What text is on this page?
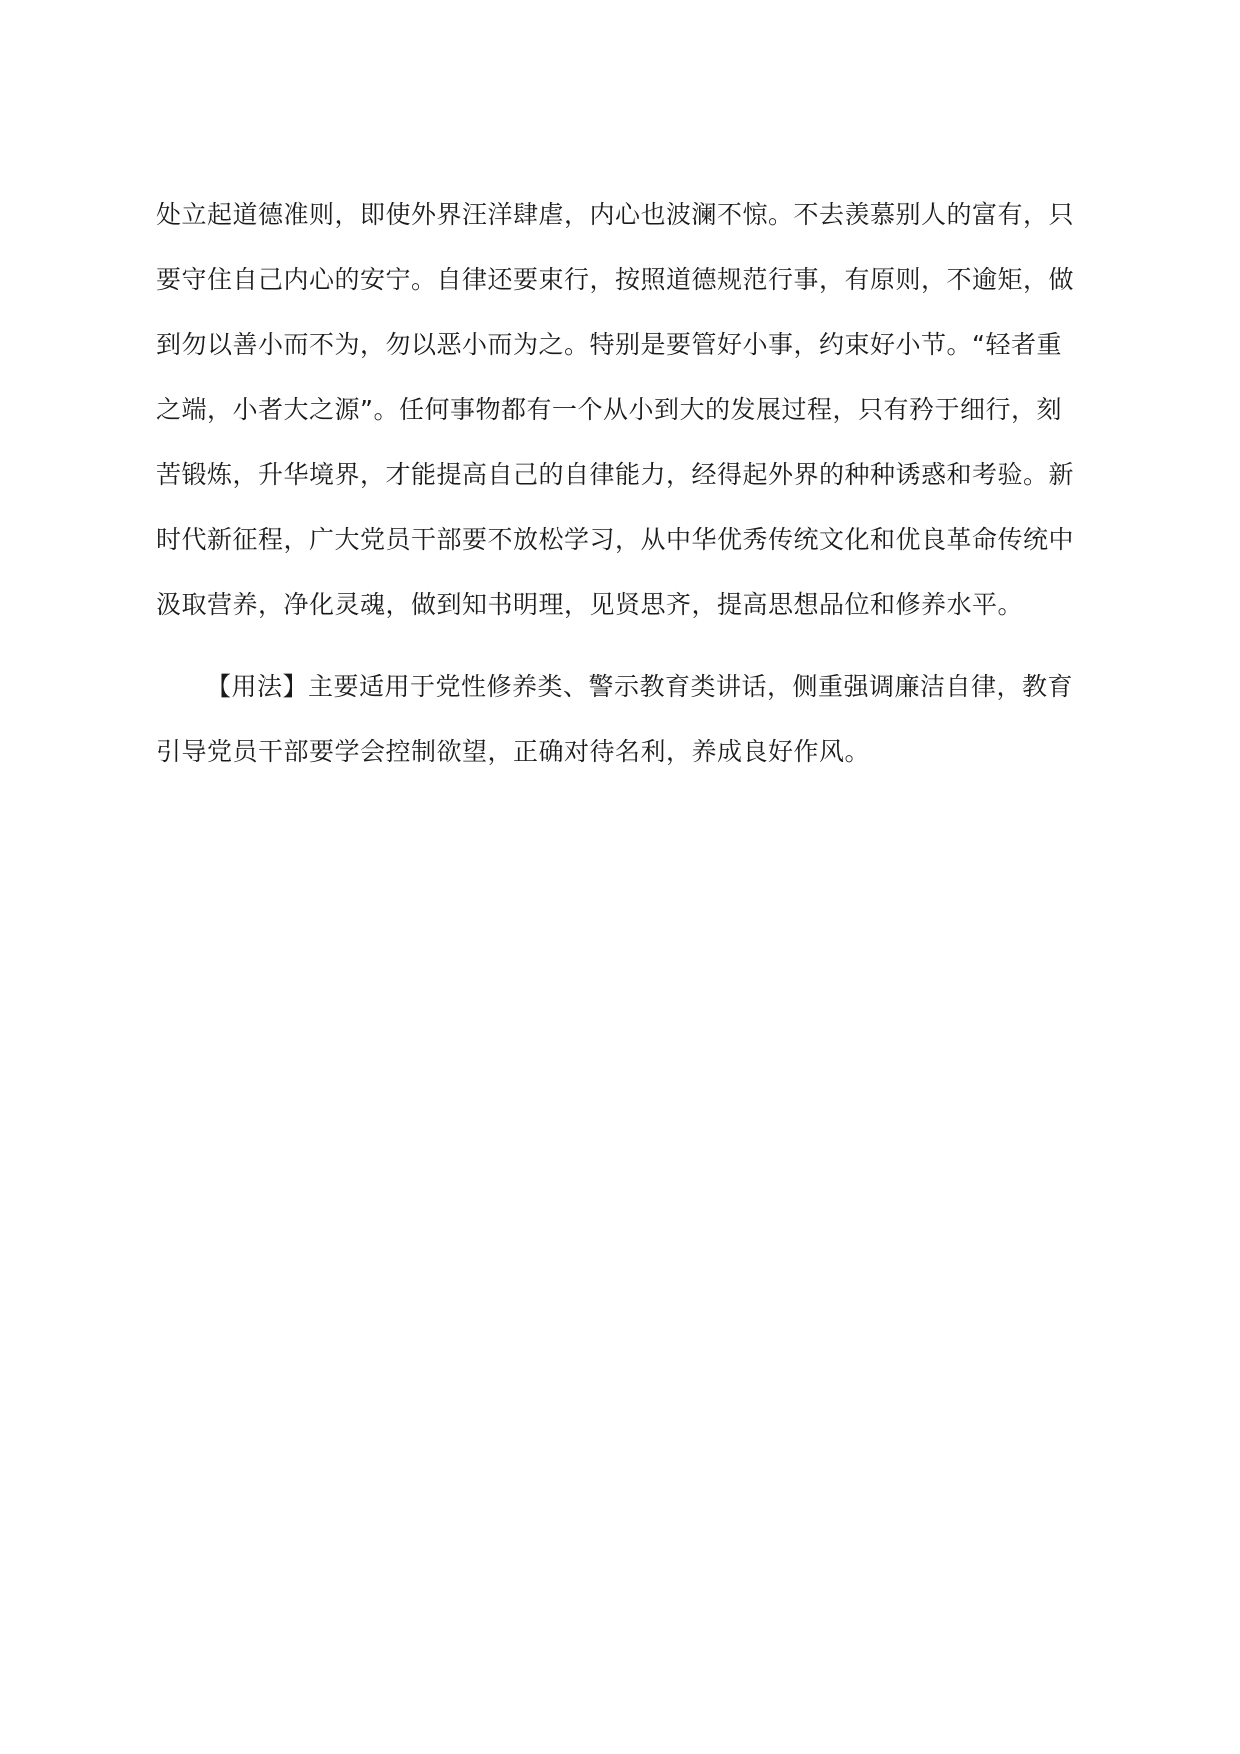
处立起道德准则，即使外界汪洋肆虐，内心也波澜不惊。不去羡慕别人的富有，只
要守住自己内心的安宁。自律还要束行，按照道德规范行事，有原则，不逾矩，做
到勿以善小而不为，勿以恶小而为之。特别是要管好小事，约束好小节。“轻者重
之端，小者大之源”。任何事物都有一个从小到大的发展过程，只有矜于细行，刻
苦锻炼，升华境界，才能提高自己的自律能力，经得起外界的种种诱惑和考验。新
时代新征程，广大党员干部要不放松学习，从中华优秀传统文化和优良革命传统中
汲取营养，净化灵魂，做到知书明理，见贤思齐，提高思想品位和修养水平。
【用法】主要适用于党性修养类、警示教育类讲话，侧重强调廉洁自律，教育
引导党员干部要学会控制欲望，正确对待名利，养成良好作风。
